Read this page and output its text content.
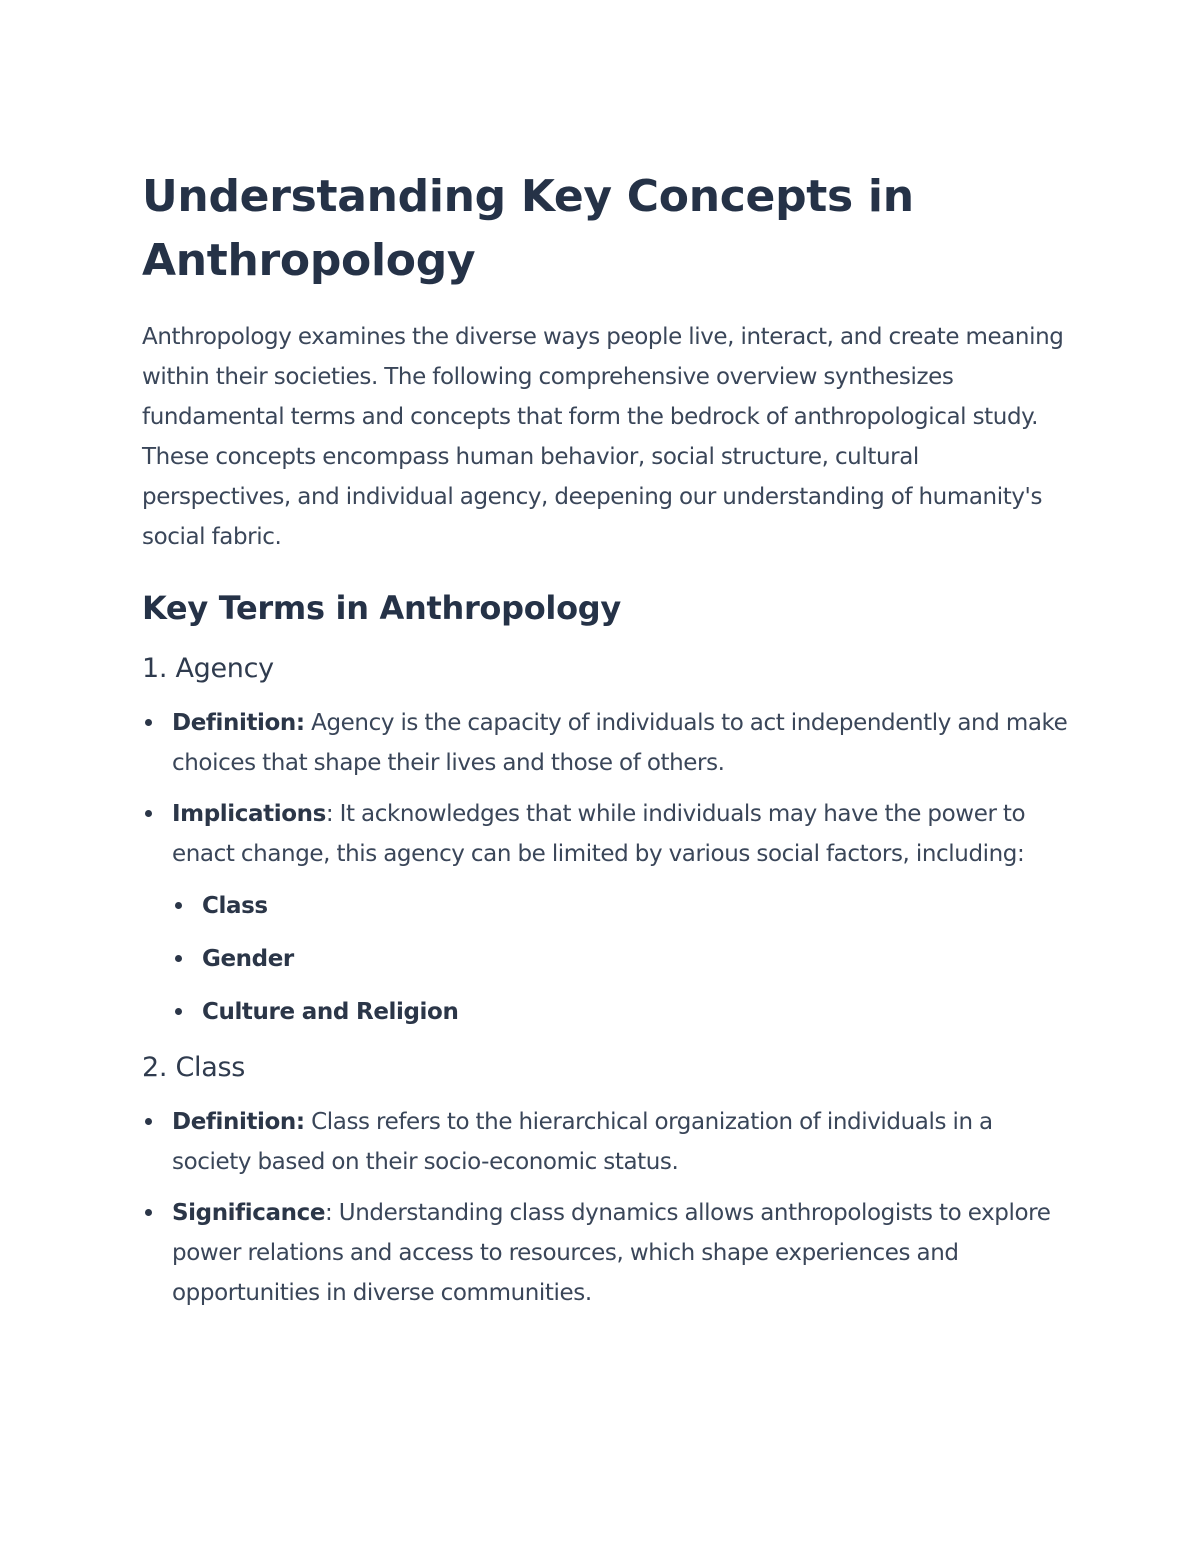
Understanding Key Concepts in Anthropology

Anthropology examines the diverse ways people live, interact, and create meaning within their societies. The following comprehensive overview synthesizes fundamental terms and concepts that form the bedrock of anthropological study. These concepts encompass human behavior, social structure, cultural perspectives, and individual agency, deepening our understanding of humanity's social fabric.

Key Terms in Anthropology
1. Agency
Definition: Agency is the capacity of individuals to act independently and make choices that shape their lives and those of others.
Implications: It acknowledges that while individuals may have the power to enact change, this agency can be limited by various social factors, including:
Class
Gender
Culture and Religion
2. Class
Definition: Class refers to the hierarchical organization of individuals in a society based on their socio-economic status.
Significance: Understanding class dynamics allows anthropologists to explore power relations and access to resources, which shape experiences and opportunities in diverse communities.
